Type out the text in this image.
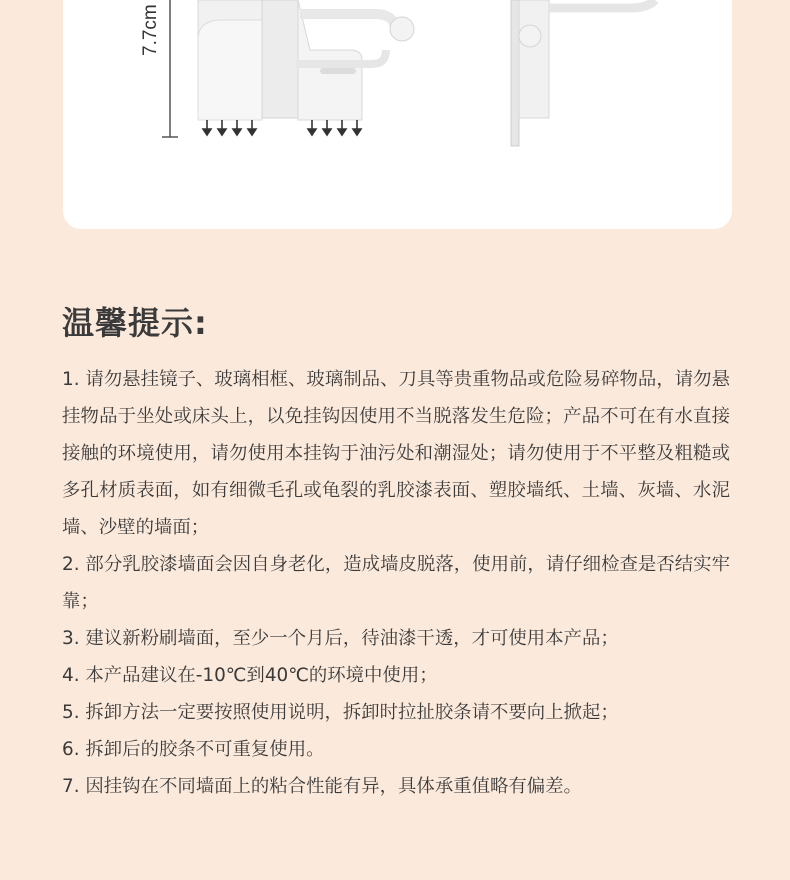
7.7cm
温馨提示:
1. 请勿悬挂镜子、玻璃相框、玻璃制品、刀具等贵重物品或危险易碎物品，请勿悬挂物品于坐处或床头上，以免挂钩因使用不当脱落发生危险；产品不可在有水直接接触的环境使用，请勿使用本挂钩于油污处和潮湿处；请勿使用于不平整及粗糙或多孔材质表面，如有细微毛孔或龟裂的乳胶漆表面、塑胶墙纸、土墙、灰墙、水泥墙、沙壁的墙面；
2. 部分乳胶漆墙面会因自身老化，造成墙皮脱落，使用前，请仔细检查是否结实牢靠；
3. 建议新粉刷墙面，至少一个月后，待油漆干透，才可使用本产品；
4. 本产品建议在-10℃到40℃的环境中使用；
5. 拆卸方法一定要按照使用说明，拆卸时拉扯胶条请不要向上掀起；
6. 拆卸后的胶条不可重复使用。
7. 因挂钩在不同墙面上的粘合性能有异，具体承重值略有偏差。
